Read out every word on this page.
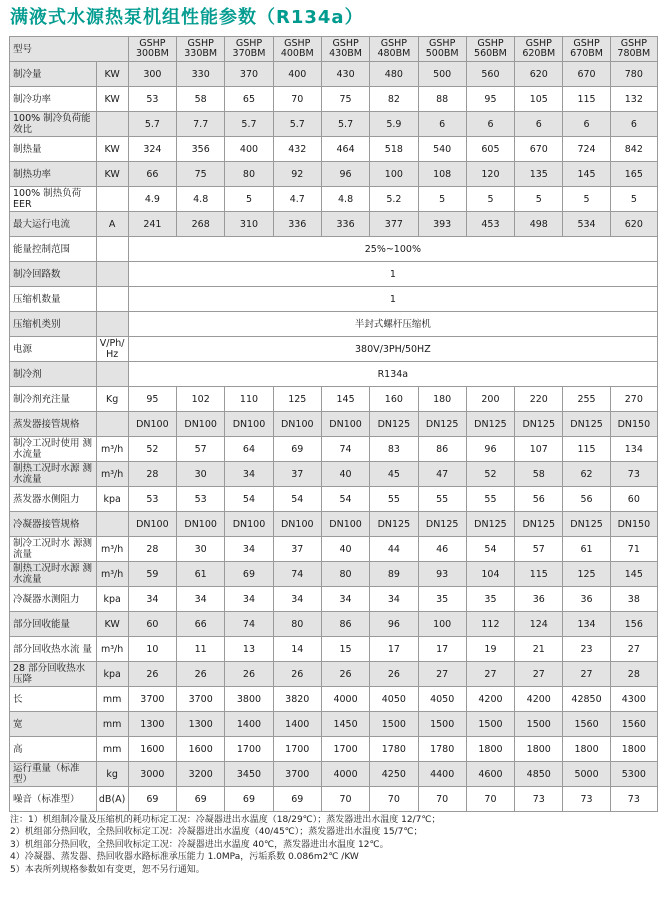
满液式水源热泵机组性能参数（R134a）
型号		GSHP 300BM	GSHP 330BM	GSHP 370BM	GSHP 400BM	GSHP 430BM	GSHP 480BM	GSHP 500BM	GSHP 560BM	GSHP 620BM	GSHP 670BM	GSHP 780BM
制冷量	KW	300	330	370	400	430	480	500	560	620	670	780
制冷功率	KW	53	58	65	70	75	82	88	95	105	115	132
100% 制冷负荷能效比		5.7	7.7	5.7	5.7	5.7	5.9	6	6	6	6	6
制热量	KW	324	356	400	432	464	518	540	605	670	724	842
制热功率	KW	66	75	80	92	96	100	108	120	135	145	165
100% 制热负荷 EER		4.9	4.8	5	4.7	4.8	5.2	5	5	5	5	5
最大运行电流	A	241	268	310	336	336	377	393	453	498	534	620
能量控制范围		25%~100%										
制冷回路数		1										
压缩机数量		1										
压缩机类别		半封式螺杆压缩机										
电源	V/Ph/ Hz	380V/3PH/50HZ										
制冷剂		R134a										
制冷剂充注量	Kg	95	102	110	125	145	160	180	200	220	255	270
蒸发器接管规格		DN100	DN100	DN100	DN100	DN100	DN125	DN125	DN125	DN125	DN125	DN150
制冷工况时使用 测水流量	m³/h	52	57	64	69	74	83	86	96	107	115	134
制热工况时水源 测水流量	m³/h	28	30	34	37	40	45	47	52	58	62	73
蒸发器水侧阻力	kpa	53	53	54	54	54	55	55	55	56	56	60
冷凝器接管规格		DN100	DN100	DN100	DN100	DN100	DN125	DN125	DN125	DN125	DN125	DN150
制冷工况时水 源测流量	m³/h	28	30	34	37	40	44	46	54	57	61	71
制热工况时水源 测水流量	m³/h	59	61	69	74	80	89	93	104	115	125	145
冷凝器水测阻力	kpa	34	34	34	34	34	34	35	35	36	36	38
部分回收能量	KW	60	66	74	80	86	96	100	112	124	134	156
部分回收热水流 量	m³/h	10	11	13	14	15	17	17	19	21	23	27
28 部分回收热水 压降	kpa	26	26	26	26	26	26	27	27	27	27	28
长	mm	3700	3700	3800	3820	4000	4050	4050	4200	4200	42850	4300
宽	mm	1300	1300	1400	1400	1450	1500	1500	1500	1500	1560	1560
高	mm	1600	1600	1700	1700	1700	1780	1780	1800	1800	1800	1800
运行重量（标准 型）	kg	3000	3200	3450	3700	4000	4250	4400	4600	4850	5000	5300
噪音（标准型）	dB(A)	69	69	69	69	70	70	70	70	73	73	73
注：1）机组制冷量及压缩机的耗功标定工况：冷凝器进出水温度（18/29℃）；蒸发器进出水温度 12/7℃；
2）机组部分热回收，全热回收标定工况：冷凝器进出水温度（40/45℃）；蒸发器进出水温度 15/7℃；
3）机组部分热回收，全热回收标定工况：冷凝器进出水温度 40℃，蒸发器进出水温度 12℃。
4）冷凝器、蒸发器、热回收器水路标准承压能力 1.0MPa，污垢系数 0.086m2℃ /KW
5）本表所列规格参数如有变更，恕不另行通知。
